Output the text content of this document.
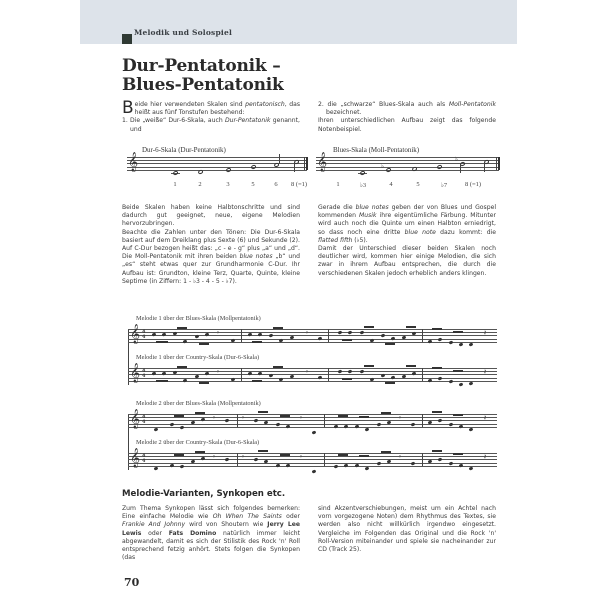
Melodik und Solospiel
Dur-Pentatonik –
Blues-Pentatonik

Beide hier verwendeten Skalen sind pentatonisch, das heißt aus fünf Tonstufen bestehend:

1. Die „weiße“ Dur-6-Skala, auch Dur-Pentatonik genannt, und

2. die „schwarze“ Blues-Skala auch als Moll-Pentatonik bezeichnet.

Ihren unterschiedlichen Aufbau zeigt das folgende Notenbeispiel.

Dur-6-Skala (Dur-Pentatonik)
𝄞
1	2	3	5	6 8 (=1)
Blues-Skala (Moll-Pentatonik)
𝄞	♭
♭
1	♭3	4	5	♭7	8 (=1)

Beide Skalen haben keine Halbtonschritte und sind dadurch gut geeignet, neue, eigene Melodien hervorzubringen.

Beachte die Zahlen unter den Tönen: Die Dur-6-Skala basiert auf dem Dreiklang plus Sexte (6) und Sekunde (2). Auf C-Dur bezogen heißt das: „c - e - g“ plus „a“ und „d“. Die Moll-Pentatonik mit ihren beiden blue notes „b“ und „es“ steht etwas quer zur Grundharmonie C-Dur. Ihr Aufbau ist: Grundton, kleine Terz, Quarte, Quinte, kleine Septime (in Ziffern: 1 - ♭3 - 4 - 5 - ♭7).

Gerade die blue notes geben der von Blues und Gospel kommenden Musik ihre eigentümliche Färbung. Mitunter wird auch noch die Quinte um einen Halbton erniedrigt, so dass noch eine dritte blue note dazu kommt: die flatted fifth (♭5).

Damit der Unterschied dieser beiden Skalen noch deutlicher wird, kommen hier einige Melodien, die sich zwar in ihrem Aufbau entsprechen, die durch die verschiedenen Skalen jedoch erheblich anders klingen.

Melodie 1 über der Blues-Skala (Mollpentatonik)
𝄞 4
4	𝄾	𝄾	𝄽
Melodie 1 über der Country-Skala (Dur-6-Skala)
𝄞 4
4	𝄾	𝄾	𝄽
Melodie 2 über der Blues-Skala (Mollpentatonik)
𝄞 4
4	𝄾	𝄾	𝄾	𝄾	𝄽
Melodie 2 über der Country-Skala (Dur-6-Skala)
𝄞 4
4	𝄾	𝄾	𝄾	𝄾	𝄽
Melodie-Varianten, Synkopen etc.

Zum Thema Synkopen lässt sich folgendes bemerken: Eine einfache Melodie wie Oh When The Saints oder Frankie And Johnny wird von Shoutern wie Jerry Lee Lewis oder Fats Domino natürlich immer leicht abgewandelt, damit es sich der Stilistik des Rock 'n' Roll entsprechend fetzig anhört. Stets folgen die Synkopen (das

sind Akzentverschiebungen, meist um ein Achtel nach vorn vorgezogene Noten) dem Rhythmus des Textes, sie werden also nicht willkürlich irgendwo eingesetzt. Vergleiche im Folgenden das Original und die Rock 'n' Roll-Version miteinander und spiele sie nacheinander zur CD (Track 25).

70
